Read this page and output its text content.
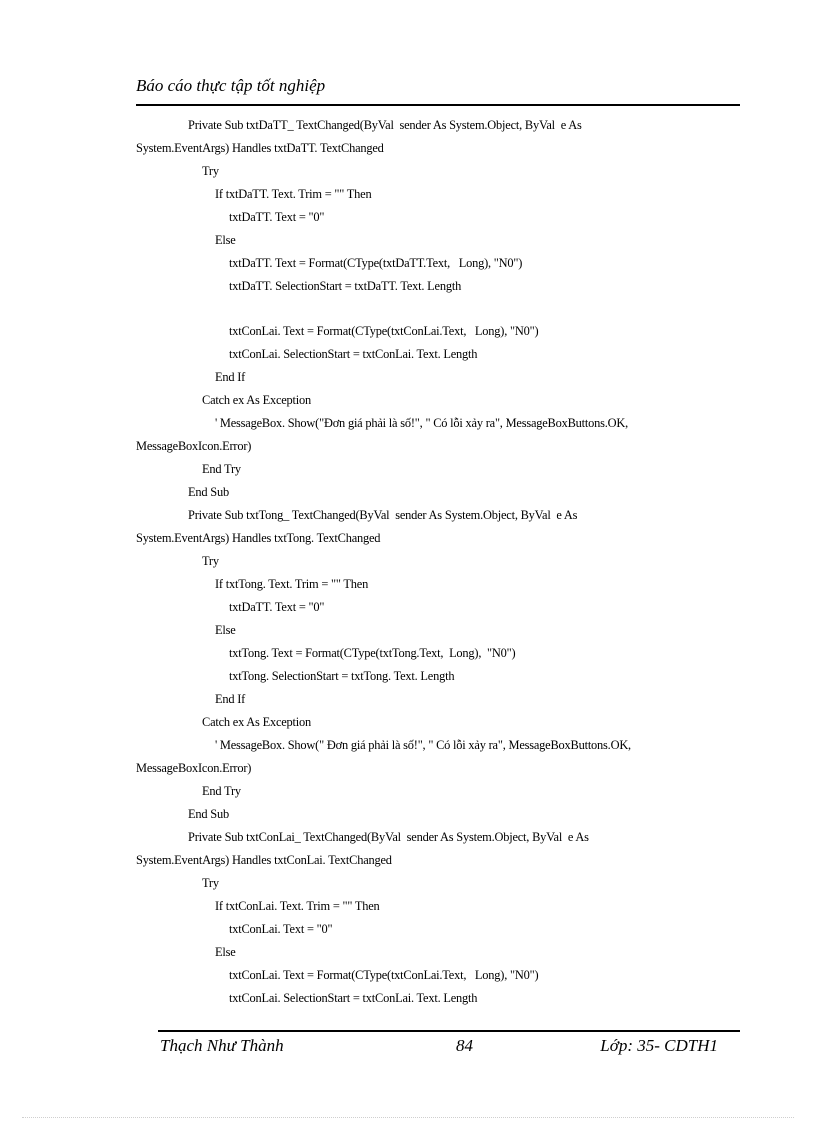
Báo cáo thực tập tốt nghiệp
Private Sub txtDaTT_ TextChanged(ByVal  sender As System.Object, ByVal  e As
System.EventArgs) Handles txtDaTT. TextChanged
Try
If txtDaTT. Text. Trim = "" Then
txtDaTT. Text = "0"
Else
txtDaTT. Text = Format(CType(txtDaTT.Text,   Long), "N0")
txtDaTT. SelectionStart = txtDaTT. Text. Length
txtConLai. Text = Format(CType(txtConLai.Text,   Long), "N0")
txtConLai. SelectionStart = txtConLai. Text. Length
End If
Catch ex As Exception
' MessageBox. Show("Đơn giá phải là số!", " Có lỗi xảy ra", MessageBoxButtons.OK,
MessageBoxIcon.Error)
End Try
End Sub
Private Sub txtTong_ TextChanged(ByVal  sender As System.Object, ByVal  e As
System.EventArgs) Handles txtTong. TextChanged
Try
If txtTong. Text. Trim = "" Then
txtDaTT. Text = "0"
Else
txtTong. Text = Format(CType(txtTong.Text,  Long),  "N0")
txtTong. SelectionStart = txtTong. Text. Length
End If
Catch ex As Exception
' MessageBox. Show(" Đơn giá phải là số!", " Có lỗi xảy ra", MessageBoxButtons.OK,
MessageBoxIcon.Error)
End Try
End Sub
Private Sub txtConLai_ TextChanged(ByVal  sender As System.Object, ByVal  e As
System.EventArgs) Handles txtConLai. TextChanged
Try
If txtConLai. Text. Trim = "" Then
txtConLai. Text = "0"
Else
txtConLai. Text = Format(CType(txtConLai.Text,   Long), "N0")
txtConLai. SelectionStart = txtConLai. Text. Length
Thạch Như Thành	84	Lớp: 35- CDTH1
